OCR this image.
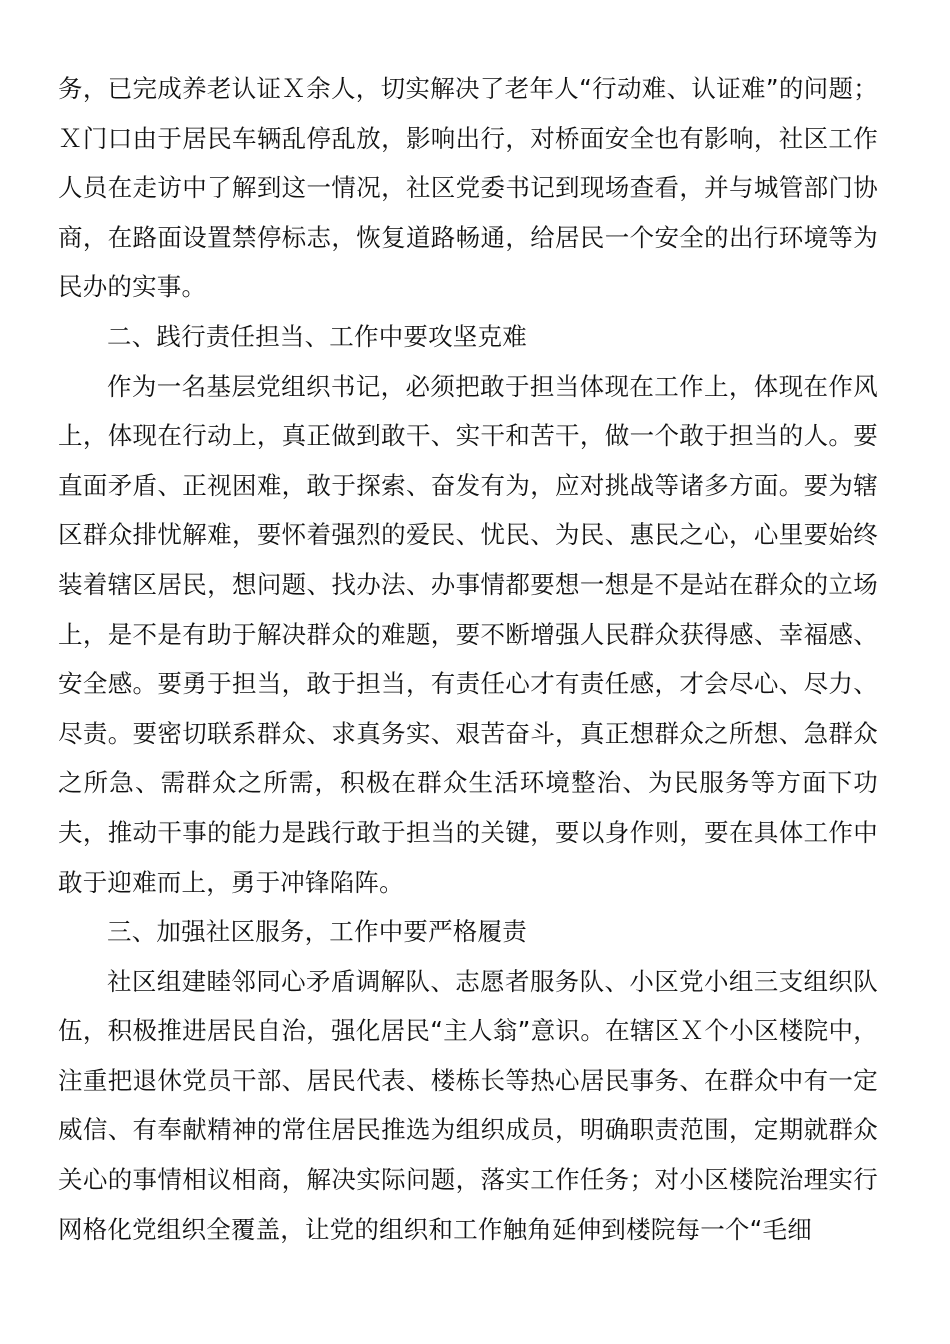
务，已完成养老认证Ｘ余人，切实解决了老年人“行动难、认证难”的问题；Ｘ门口由于居民车辆乱停乱放，影响出行，对桥面安全也有影响，社区工作人员在走访中了解到这一情况，社区党委书记到现场查看，并与城管部门协商，在路面设置禁停标志，恢复道路畅通，给居民一个安全的出行环境等为民办的实事。

二、践行责任担当、工作中要攻坚克难

作为一名基层党组织书记，必须把敢于担当体现在工作上，体现在作风上，体现在行动上，真正做到敢干、实干和苦干，做一个敢于担当的人。要直面矛盾、正视困难，敢于探索、奋发有为，应对挑战等诸多方面。要为辖区群众排忧解难，要怀着强烈的爱民、忧民、为民、惠民之心，心里要始终装着辖区居民，想问题、找办法、办事情都要想一想是不是站在群众的立场上，是不是有助于解决群众的难题，要不断增强人民群众获得感、幸福感、安全感。要勇于担当，敢于担当，有责任心才有责任感，才会尽心、尽力、尽责。要密切联系群众、求真务实、艰苦奋斗，真正想群众之所想、急群众之所急、需群众之所需，积极在群众生活环境整治、为民服务等方面下功夫，推动干事的能力是践行敢于担当的关键，要以身作则，要在具体工作中敢于迎难而上，勇于冲锋陷阵。

三、加强社区服务，工作中要严格履责

社区组建睦邻同心矛盾调解队、志愿者服务队、小区党小组三支组织队伍，积极推进居民自治，强化居民“主人翁”意识。在辖区Ｘ个小区楼院中，注重把退休党员干部、居民代表、楼栋长等热心居民事务、在群众中有一定威信、有奉献精神的常住居民推选为组织成员，明确职责范围，定期就群众关心的事情相议相商，解决实际问题，落实工作任务；对小区楼院治理实行网格化党组织全覆盖，让党的组织和工作触角延伸到楼院每一个“毛细
